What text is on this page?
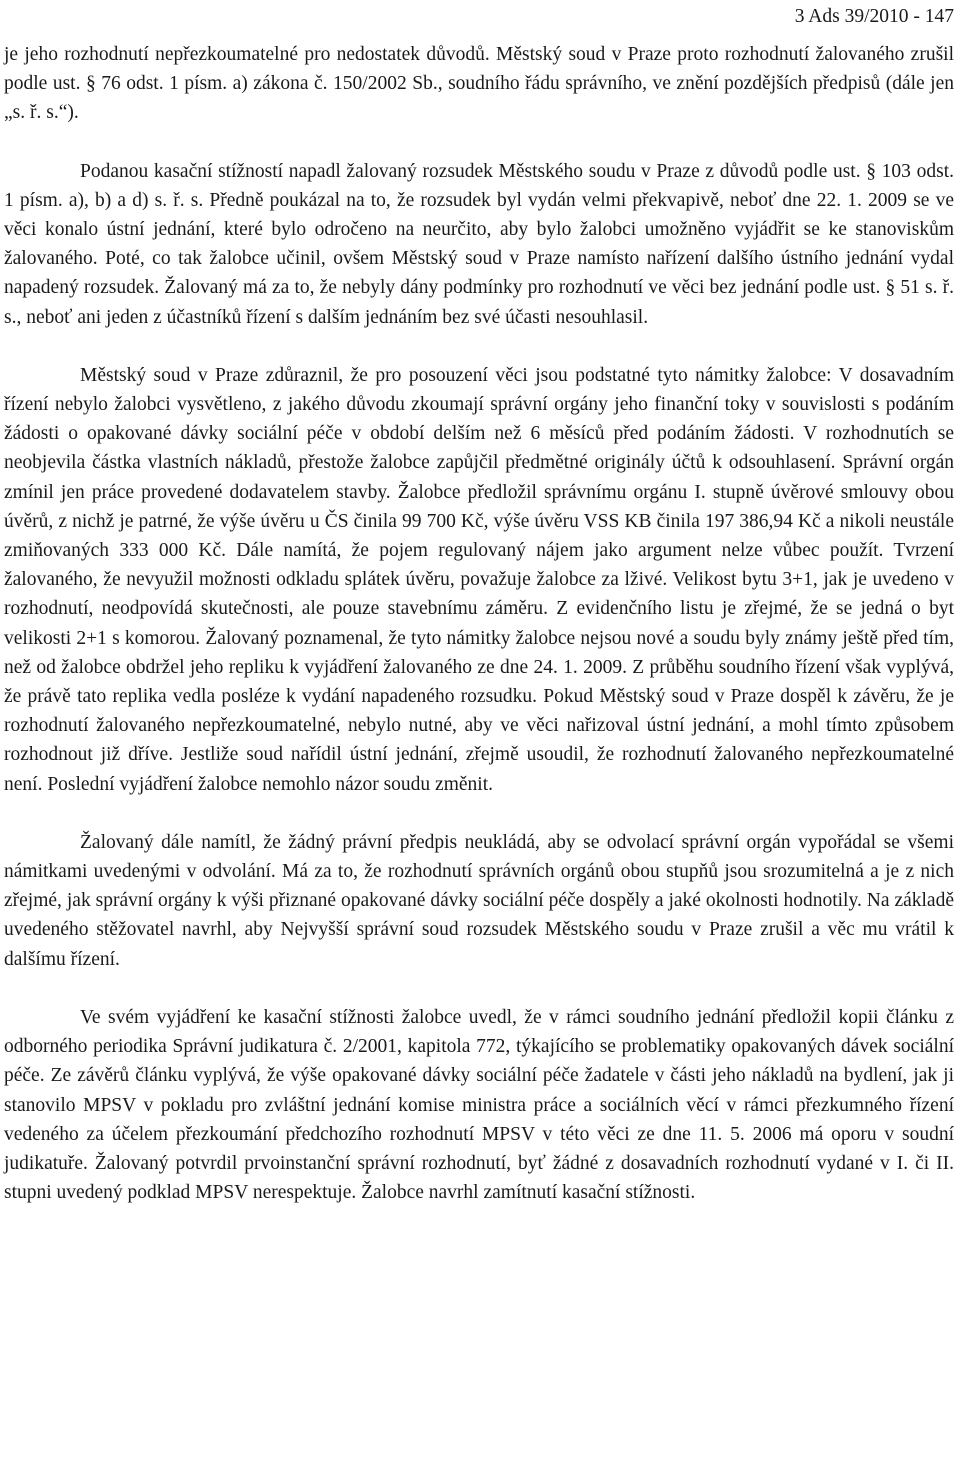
3 Ads 39/2010 - 147

je jeho rozhodnutí nepřezkoumatelné pro nedostatek důvodů. Městský soud v Praze proto rozhodnutí žalovaného zrušil podle ust. § 76 odst. 1 písm. a) zákona č. 150/2002 Sb., soudního řádu správního, ve znění pozdějších předpisů (dále jen „s. ř. s.“).

Podanou kasační stížností napadl žalovaný rozsudek Městského soudu v Praze z důvodů podle ust. § 103 odst. 1 písm. a), b) a d) s. ř. s. Předně poukázal na to, že rozsudek byl vydán velmi překvapivě, neboť dne 22. 1. 2009 se ve věci konalo ústní jednání, které bylo odročeno na neurčito, aby bylo žalobci umožněno vyjádřit se ke stanoviskům žalovaného. Poté, co tak žalobce učinil, ovšem Městský soud v Praze namísto nařízení dalšího ústního jednání vydal napadený rozsudek. Žalovaný má za to, že nebyly dány podmínky pro rozhodnutí ve věci bez jednání podle ust. § 51 s. ř. s., neboť ani jeden z účastníků řízení s dalším jednáním bez své účasti nesouhlasil.

Městský soud v Praze zdůraznil, že pro posouzení věci jsou podstatné tyto námitky žalobce: V dosavadním řízení nebylo žalobci vysvětleno, z jakého důvodu zkoumají správní orgány jeho finanční toky v souvislosti s podáním žádosti o opakované dávky sociální péče v období delším než 6 měsíců před podáním žádosti. V rozhodnutích se neobjevila částka vlastních nákladů, přestože žalobce zapůjčil předmětné originály účtů k odsouhlasení. Správní orgán zmínil jen práce provedené dodavatelem stavby. Žalobce předložil správnímu orgánu I. stupně úvěrové smlouvy obou úvěrů, z nichž je patrné, že výše úvěru u ČS činila 99 700 Kč, výše úvěru VSS KB činila 197 386,94 Kč a nikoli neustále zmiňovaných 333 000 Kč. Dále namítá, že pojem regulovaný nájem jako argument nelze vůbec použít. Tvrzení žalovaného, že nevyužil možnosti odkladu splátek úvěru, považuje žalobce za lživé. Velikost bytu 3+1, jak je uvedeno v rozhodnutí, neodpovídá skutečnosti, ale pouze stavebnímu záměru. Z evidenčního listu je zřejmé, že se jedná o byt velikosti 2+1 s komorou. Žalovaný poznamenal, že tyto námitky žalobce nejsou nové a soudu byly známy ještě před tím, než od žalobce obdržel jeho repliku k vyjádření žalovaného ze dne 24. 1. 2009. Z průběhu soudního řízení však vyplývá, že právě tato replika vedla posléze k vydání napadeného rozsudku. Pokud Městský soud v Praze dospěl k závěru, že je rozhodnutí žalovaného nepřezkoumatelné, nebylo nutné, aby ve věci nařizoval ústní jednání, a mohl tímto způsobem rozhodnout již dříve. Jestliže soud nařídil ústní jednání, zřejmě usoudil, že rozhodnutí žalovaného nepřezkoumatelné není. Poslední vyjádření žalobce nemohlo názor soudu změnit.

Žalovaný dále namítl, že žádný právní předpis neukládá, aby se odvolací správní orgán vypořádal se všemi námitkami uvedenými v odvolání. Má za to, že rozhodnutí správních orgánů obou stupňů jsou srozumitelná a je z nich zřejmé, jak správní orgány k výši přiznané opakované dávky sociální péče dospěly a jaké okolnosti hodnotily. Na základě uvedeného stěžovatel navrhl, aby Nejvyšší správní soud rozsudek Městského soudu v Praze zrušil a věc mu vrátil k dalšímu řízení.

Ve svém vyjádření ke kasační stížnosti žalobce uvedl, že v rámci soudního jednání předložil kopii článku z odborného periodika Správní judikatura č. 2/2001, kapitola 772, týkajícího se problematiky opakovaných dávek sociální péče. Ze závěrů článku vyplývá, že výše opakované dávky sociální péče žadatele v části jeho nákladů na bydlení, jak ji stanovilo MPSV v pokladu pro zvláštní jednání komise ministra práce a sociálních věcí v rámci přezkumného řízení vedeného za účelem přezkoumání předchozího rozhodnutí MPSV v této věci ze dne 11. 5. 2006 má oporu v soudní judikatuře. Žalovaný potvrdil prvoinstanční správní rozhodnutí, byť žádné z dosavadních rozhodnutí vydané v I. či II. stupni uvedený podklad MPSV nerespektuje. Žalobce navrhl zamítnutí kasační stížnosti.
